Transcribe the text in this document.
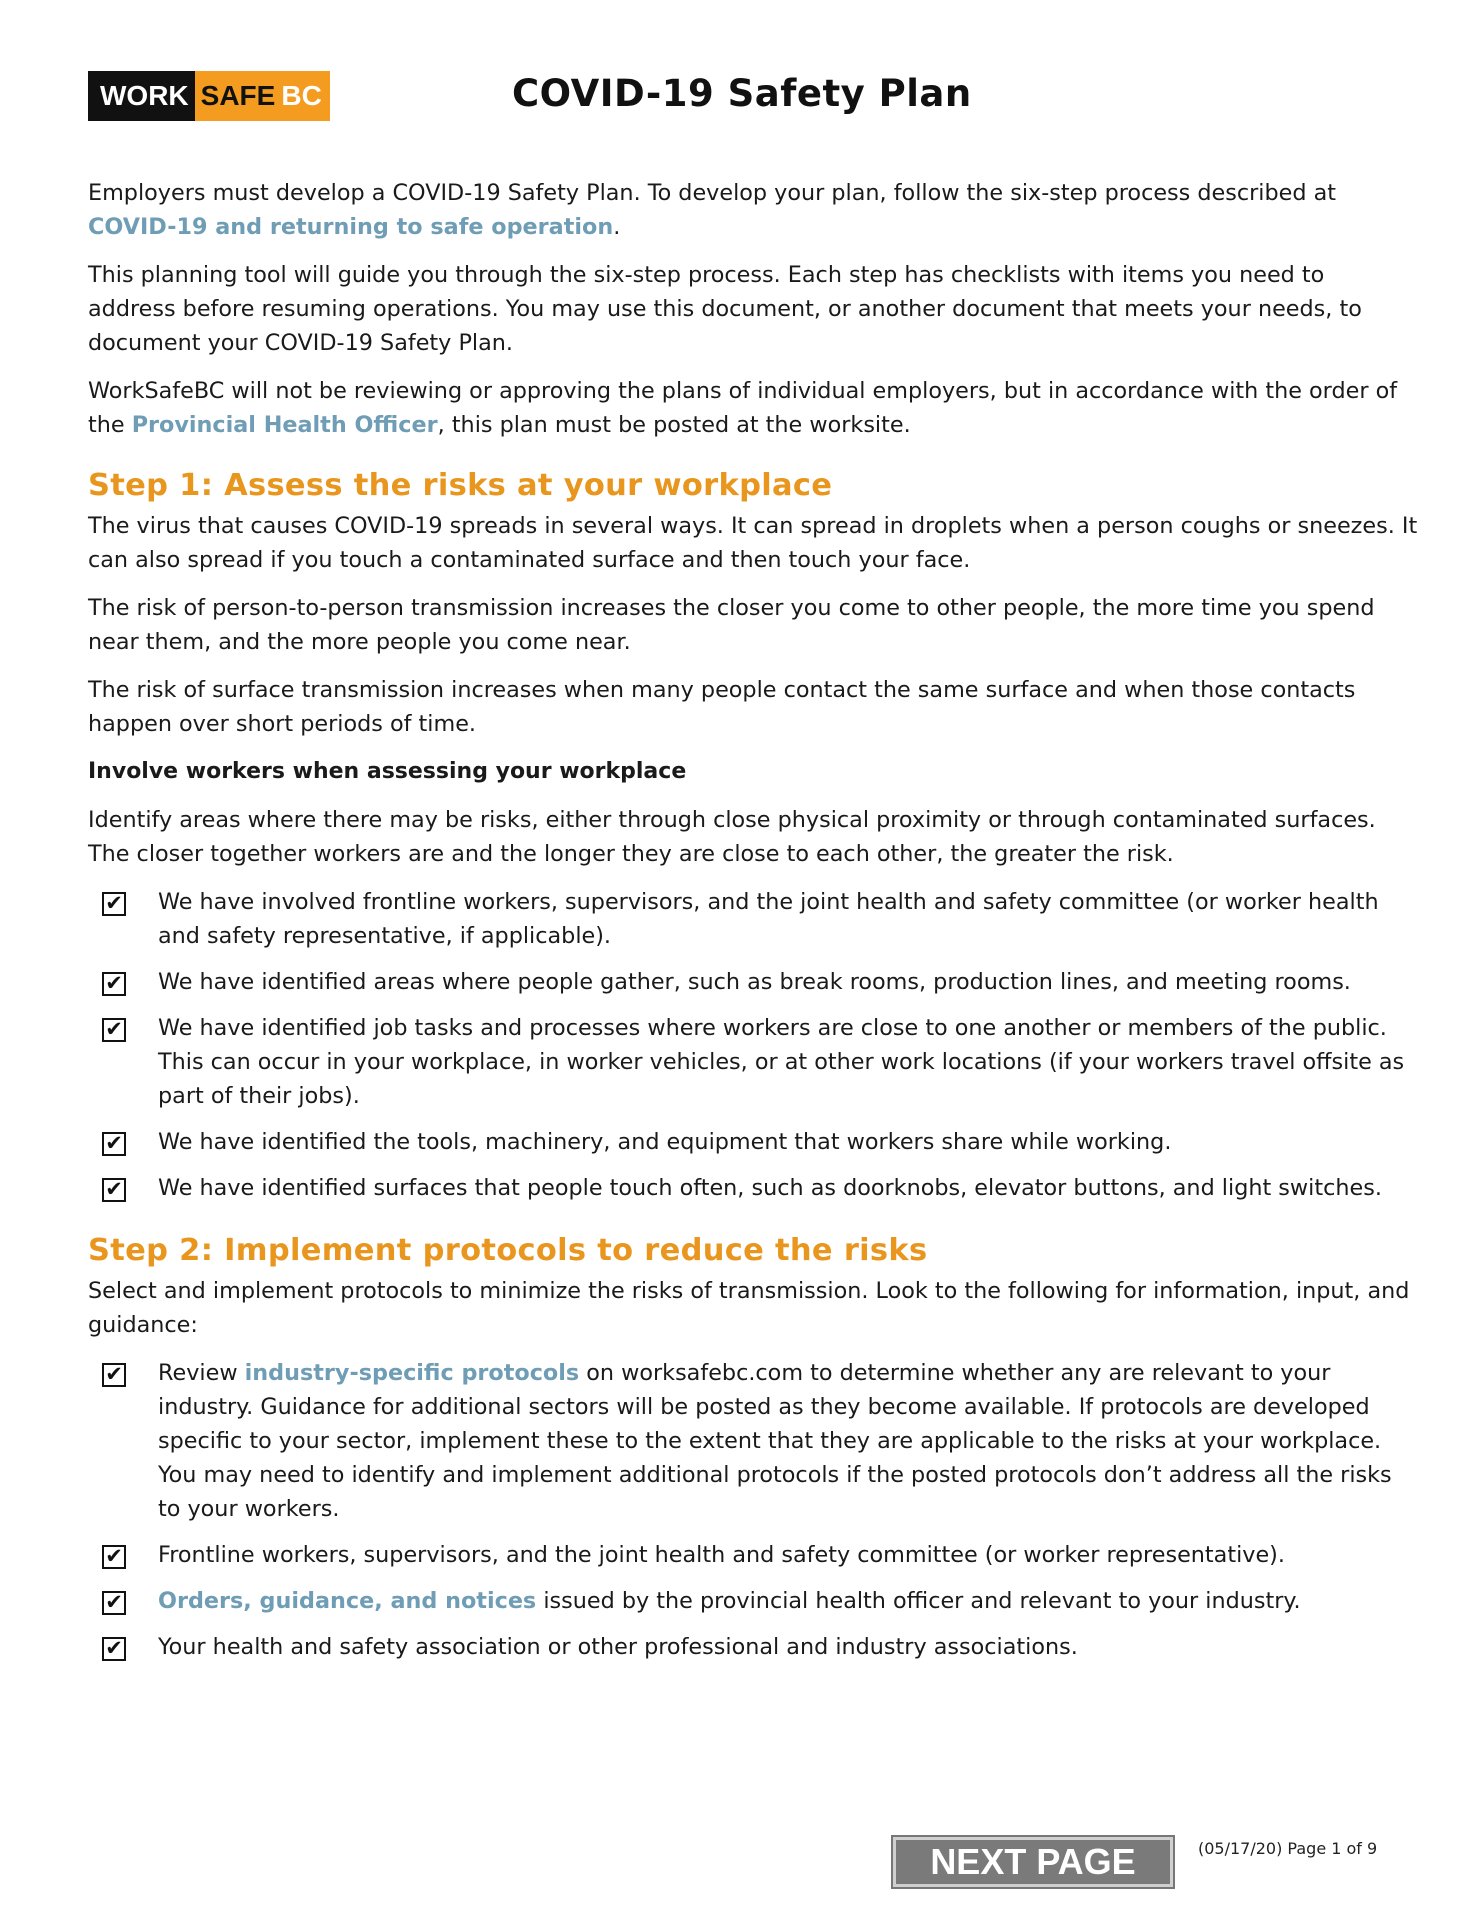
WORK SAFE BC	COVID-19 Safety Plan

Employers must develop a COVID-19 Safety Plan. To develop your plan, follow the six-step process described at COVID-19 and returning to safe operation.

This planning tool will guide you through the six-step process. Each step has checklists with items you need to address before resuming operations. You may use this document, or another document that meets your needs, to document your COVID-19 Safety Plan.

WorkSafeBC will not be reviewing or approving the plans of individual employers, but in accordance with the order of the Provincial Health Officer, this plan must be posted at the worksite.

Step 1: Assess the risks at your workplace

The virus that causes COVID-19 spreads in several ways. It can spread in droplets when a person coughs or sneezes. It can also spread if you touch a contaminated surface and then touch your face.

The risk of person-to-person transmission increases the closer you come to other people, the more time you spend near them, and the more people you come near.

The risk of surface transmission increases when many people contact the same surface and when those contacts happen over short periods of time.

Involve workers when assessing your workplace

Identify areas where there may be risks, either through close physical proximity or through contaminated surfaces. The closer together workers are and the longer they are close to each other, the greater the risk.

✔ We have involved frontline workers, supervisors, and the joint health and safety committee (or worker health and safety representative, if applicable).
✔ We have identified areas where people gather, such as break rooms, production lines, and meeting rooms.
✔ We have identified job tasks and processes where workers are close to one another or members of the public. This can occur in your workplace, in worker vehicles, or at other work locations (if your workers travel offsite as part of their jobs).
✔ We have identified the tools, machinery, and equipment that workers share while working.
✔ We have identified surfaces that people touch often, such as doorknobs, elevator buttons, and light switches.
Step 2: Implement protocols to reduce the risks

Select and implement protocols to minimize the risks of transmission. Look to the following for information, input, and guidance:

✔ Review industry-specific protocols on worksafebc.com to determine whether any are relevant to your industry. Guidance for additional sectors will be posted as they become available. If protocols are developed specific to your sector, implement these to the extent that they are applicable to the risks at your workplace. You may need to identify and implement additional protocols if the posted protocols don’t address all the risks to your workers.
✔ Frontline workers, supervisors, and the joint health and safety committee (or worker representative).
✔ Orders, guidance, and notices issued by the provincial health officer and relevant to your industry.
✔ Your health and safety association or other professional and industry associations.
NEXT PAGE	(05/17/20) Page 1 of 9
